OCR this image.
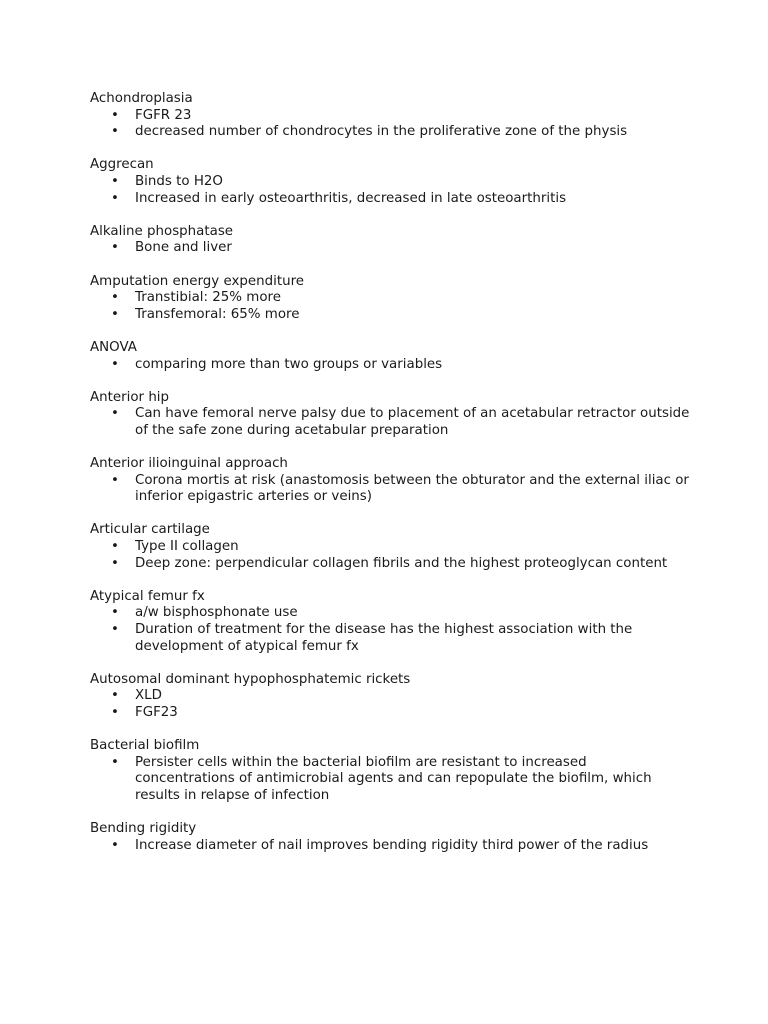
Achondroplasia
• FGFR 23
• decreased number of chondrocytes in the proliferative zone of the physis
Aggrecan
• Binds to H2O
• Increased in early osteoarthritis, decreased in late osteoarthritis
Alkaline phosphatase
• Bone and liver
Amputation energy expenditure
• Transtibial: 25% more
• Transfemoral: 65% more
ANOVA
• comparing more than two groups or variables
Anterior hip
• Can have femoral nerve palsy due to placement of an acetabular retractor outside of the safe zone during acetabular preparation
Anterior ilioinguinal approach
• Corona mortis at risk (anastomosis between the obturator and the external iliac or inferior epigastric arteries or veins)
Articular cartilage
• Type II collagen
• Deep zone: perpendicular collagen fibrils and the highest proteoglycan content
Atypical femur fx
• a/w bisphosphonate use
• Duration of treatment for the disease has the highest association with the development of atypical femur fx
Autosomal dominant hypophosphatemic rickets
• XLD
• FGF23
Bacterial biofilm
• Persister cells within the bacterial biofilm are resistant to increased concentrations of antimicrobial agents and can repopulate the biofilm, which results in relapse of infection
Bending rigidity
• Increase diameter of nail improves bending rigidity third power of the radius
